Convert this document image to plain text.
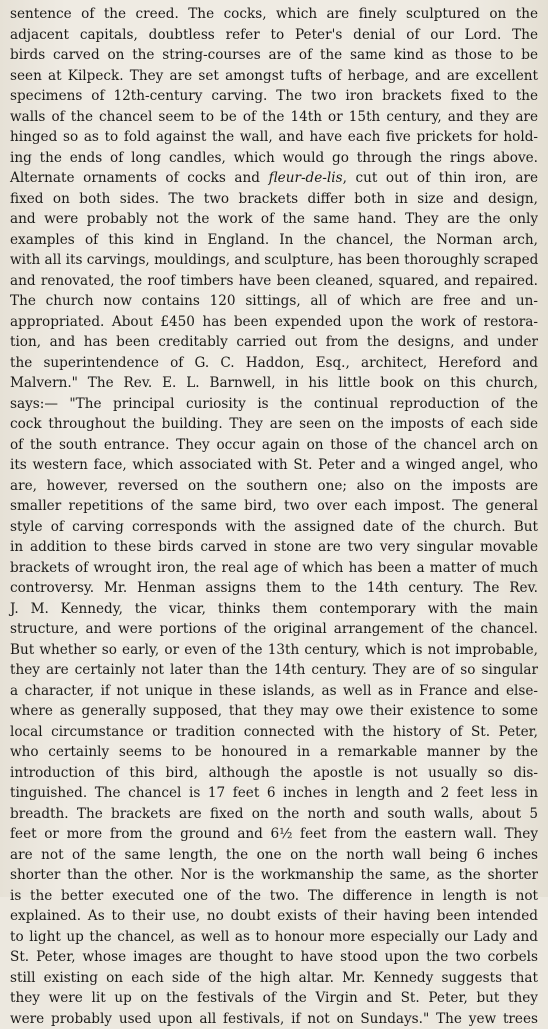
sentence of the creed. The cocks, which are finely sculptured on the
adjacent capitals, doubtless refer to Peter's denial of our Lord. The
birds carved on the string-courses are of the same kind as those to be
seen at Kilpeck. They are set amongst tufts of herbage, and are excellent
specimens of 12th-century carving. The two iron brackets fixed to the
walls of the chancel seem to be of the 14th or 15th century, and they are
hinged so as to fold against the wall, and have each five prickets for hold-
ing the ends of long candles, which would go through the rings above.
Alternate ornaments of cocks and fleur-de-lis, cut out of thin iron, are
fixed on both sides. The two brackets differ both in size and design,
and were probably not the work of the same hand. They are the only
examples of this kind in England. In the chancel, the Norman arch,
with all its carvings, mouldings, and sculpture, has been thoroughly scraped
and renovated, the roof timbers have been cleaned, squared, and repaired.
The church now contains 120 sittings, all of which are free and un-
appropriated. About £450 has been expended upon the work of restora-
tion, and has been creditably carried out from the designs, and under
the superintendence of G. C. Haddon, Esq., architect, Hereford and
Malvern." The Rev. E. L. Barnwell, in his little book on this church,
says:— "The principal curiosity is the continual reproduction of the
cock throughout the building. They are seen on the imposts of each side
of the south entrance. They occur again on those of the chancel arch on
its western face, which associated with St. Peter and a winged angel, who
are, however, reversed on the southern one; also on the imposts are
smaller repetitions of the same bird, two over each impost. The general
style of carving corresponds with the assigned date of the church. But
in addition to these birds carved in stone are two very singular movable
brackets of wrought iron, the real age of which has been a matter of much
controversy. Mr. Henman assigns them to the 14th century. The Rev.
J. M. Kennedy, the vicar, thinks them contemporary with the main
structure, and were portions of the original arrangement of the chancel.
But whether so early, or even of the 13th century, which is not improbable,
they are certainly not later than the 14th century. They are of so singular
a character, if not unique in these islands, as well as in France and else-
where as generally supposed, that they may owe their existence to some
local circumstance or tradition connected with the history of St. Peter,
who certainly seems to be honoured in a remarkable manner by the
introduction of this bird, although the apostle is not usually so dis-
tinguished. The chancel is 17 feet 6 inches in length and 2 feet less in
breadth. The brackets are fixed on the north and south walls, about 5
feet or more from the ground and 6½ feet from the eastern wall. They
are not of the same length, the one on the north wall being 6 inches
shorter than the other. Nor is the workmanship the same, as the shorter
is the better executed one of the two. The difference in length is not
explained. As to their use, no doubt exists of their having been intended
to light up the chancel, as well as to honour more especially our Lady and
St. Peter, whose images are thought to have stood upon the two corbels
still existing on each side of the high altar. Mr. Kennedy suggests that
they were lit up on the festivals of the Virgin and St. Peter, but they
were probably used upon all festivals, if not on Sundays." The yew trees
